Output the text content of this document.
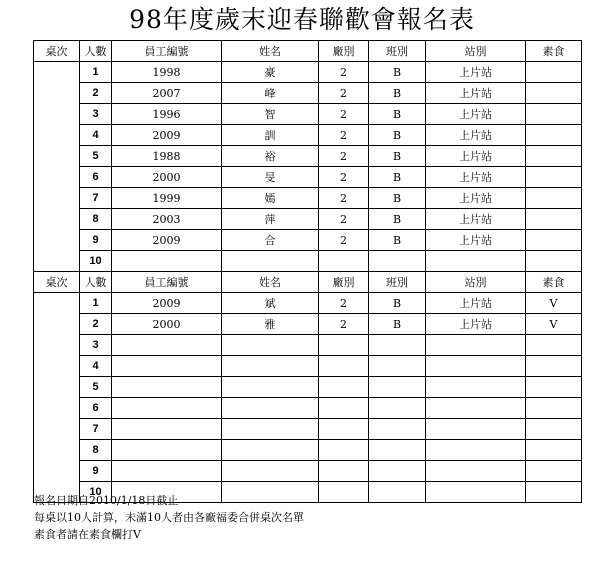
98年度歲末迎春聯歡會報名表
桌次	人數	員工編號	姓名	廠別	班別	站別	素食
	1	1998	豪	2	B	上片站	
	2	2007	峰	2	B	上片站	
	3	1996	智	2	B	上片站	
	4	2009	訓	2	B	上片站	
	5	1988	裕	2	B	上片站	
	6	2000	旻	2	B	上片站	
	7	1999	嫣	2	B	上片站	
	8	2003	萍	2	B	上片站	
	9	2009	合	2	B	上片站	
	10						
桌次	人數	員工編號	姓名	廠別	班別	站別	素食
	1	2009	斌	2	B	上片站	V
	2	2000	雅	2	B	上片站	V
	3						
	4						
	5						
	6						
	7						
	8						
	9						
	10						
報名日期自2010/1/18日截止
每桌以10人計算，未滿10人者由各廠福委合併桌次名單
素食者請在素食欄打V
